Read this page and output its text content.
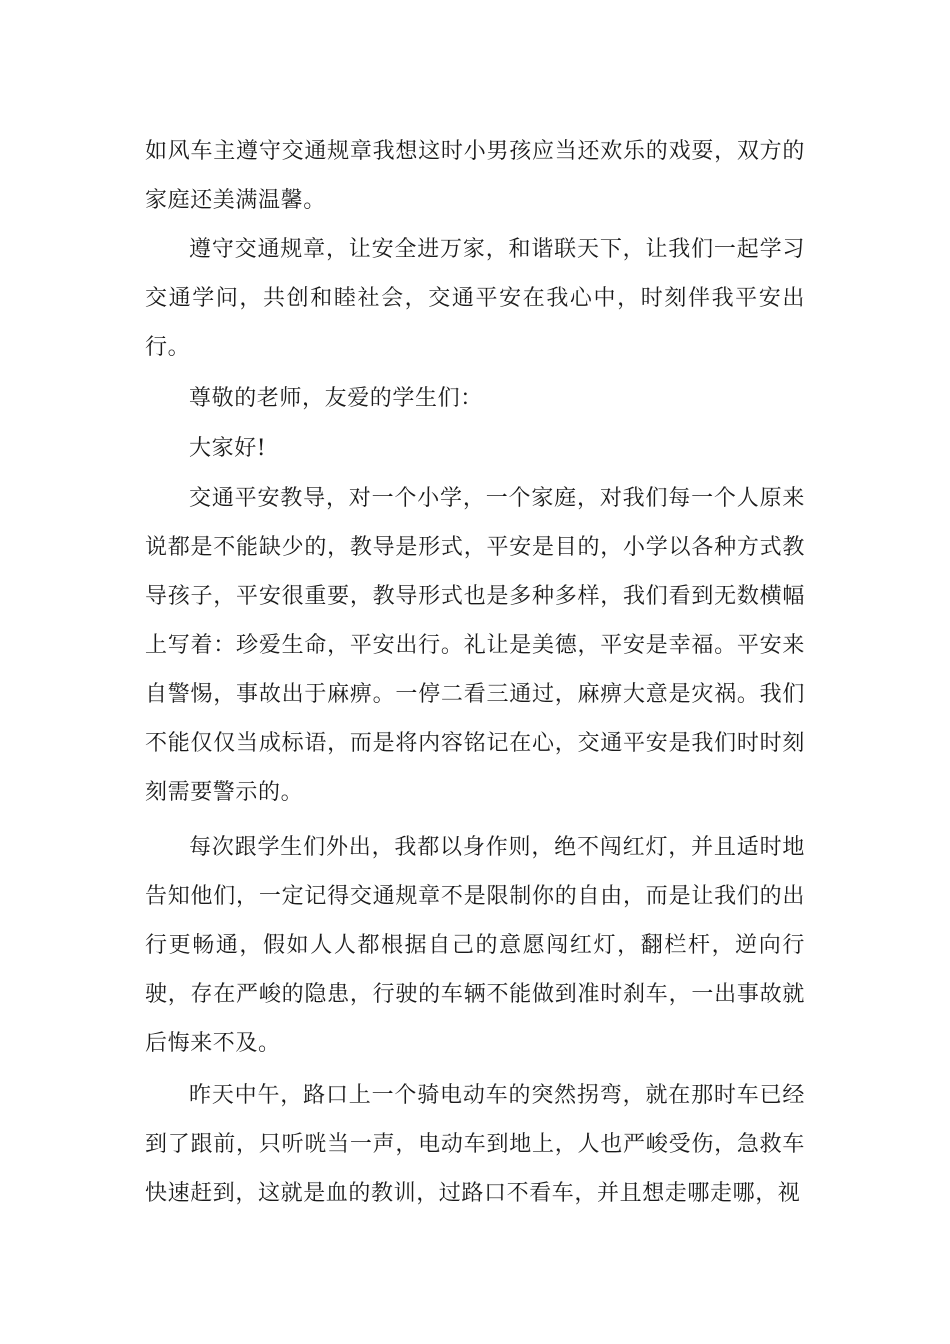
如风车主遵守交通规章我想这时小男孩应当还欢乐的戏耍，双方的家庭还美满温馨。

遵守交通规章，让安全进万家，和谐联天下，让我们一起学习交通学问，共创和睦社会，交通平安在我心中，时刻伴我平安出行。

尊敬的老师，友爱的学生们：

大家好!

交通平安教导，对一个小学，一个家庭，对我们每一个人原来说都是不能缺少的，教导是形式，平安是目的，小学以各种方式教导孩子，平安很重要，教导形式也是多种多样，我们看到无数横幅上写着：珍爱生命，平安出行。礼让是美德，平安是幸福。平安来自警惕，事故出于麻痹。一停二看三通过，麻痹大意是灾祸。我们不能仅仅当成标语，而是将内容铭记在心，交通平安是我们时时刻刻需要警示的。

每次跟学生们外出，我都以身作则，绝不闯红灯，并且适时地告知他们，一定记得交通规章不是限制你的自由，而是让我们的出行更畅通，假如人人都根据自己的意愿闯红灯，翻栏杆，逆向行驶，存在严峻的隐患，行驶的车辆不能做到准时刹车，一出事故就后悔来不及。

昨天中午，路口上一个骑电动车的突然拐弯，就在那时车已经到了跟前，只听咣当一声，电动车到地上，人也严峻受伤，急救车快速赶到，这就是血的教训，过路口不看车，并且想走哪走哪，视
